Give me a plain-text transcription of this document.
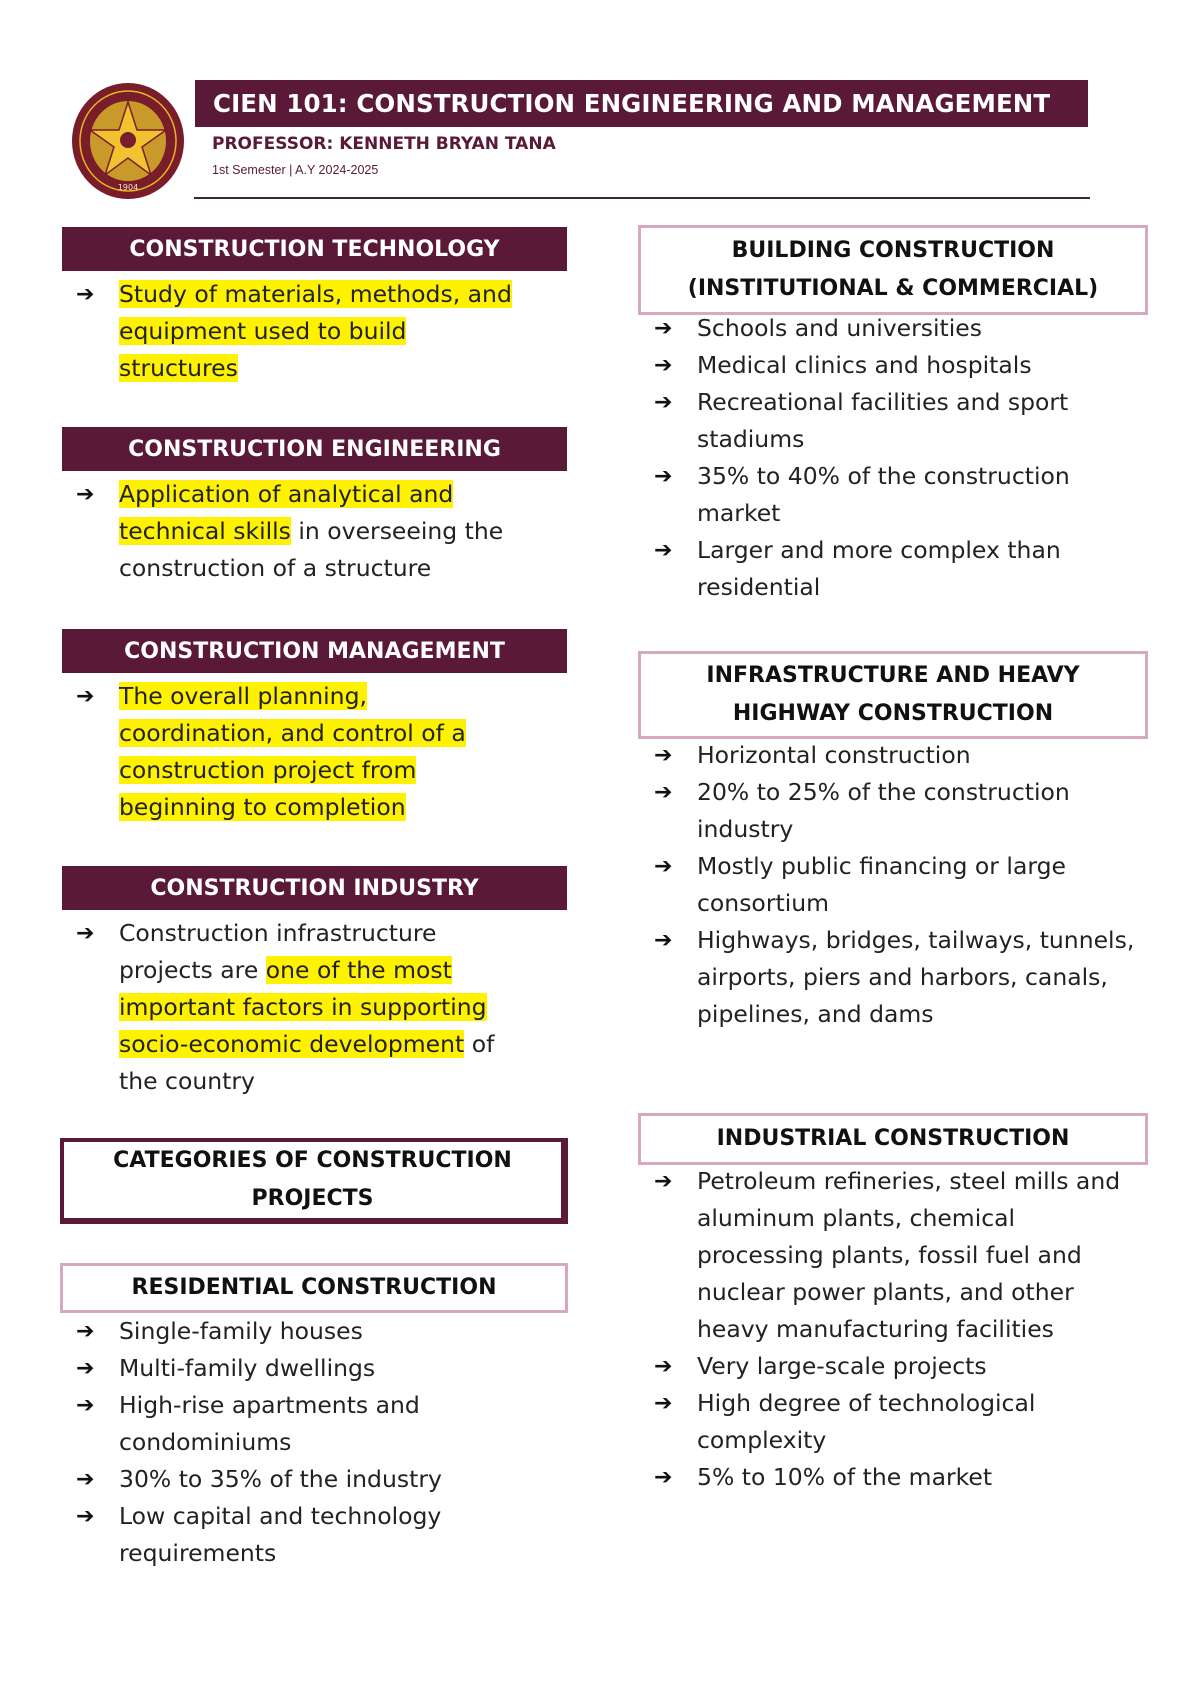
1904
CIEN 101: CONSTRUCTION ENGINEERING AND MANAGEMENT
PROFESSOR: KENNETH BRYAN TANA
1st Semester | A.Y 2024-2025
CONSTRUCTION TECHNOLOGY
➔ Study of materials, methods, and
equipment used to build
structures
CONSTRUCTION ENGINEERING
➔ Application of analytical and
technical skills in overseeing the
construction of a structure
CONSTRUCTION MANAGEMENT
➔ The overall planning,
coordination, and control of a
construction project from
beginning to completion
CONSTRUCTION INDUSTRY
➔ Construction infrastructure
projects are one of the most
important factors in supporting
socio-economic development of
the country
CATEGORIES OF CONSTRUCTION
PROJECTS
RESIDENTIAL CONSTRUCTION
➔ Single-family houses
➔ Multi-family dwellings
➔ High-rise apartments and condominiums
➔ 30% to 35% of the industry
➔ Low capital and technology requirements
BUILDING CONSTRUCTION
(INSTITUTIONAL & COMMERCIAL)
➔ Schools and universities
➔ Medical clinics and hospitals
➔ Recreational facilities and sport stadiums
➔ 35% to 40% of the construction market
➔ Larger and more complex than residential
INFRASTRUCTURE AND HEAVY
HIGHWAY CONSTRUCTION
➔ Horizontal construction
➔ 20% to 25% of the construction industry
➔ Mostly public financing or large consortium
➔ Highways, bridges, tailways, tunnels, airports, piers and harbors, canals, pipelines, and dams
INDUSTRIAL CONSTRUCTION
➔ Petroleum refineries, steel mills and aluminum plants, chemical processing plants, fossil fuel and nuclear power plants, and other heavy manufacturing facilities
➔ Very large-scale projects
➔ High degree of technological complexity
➔ 5% to 10% of the market
